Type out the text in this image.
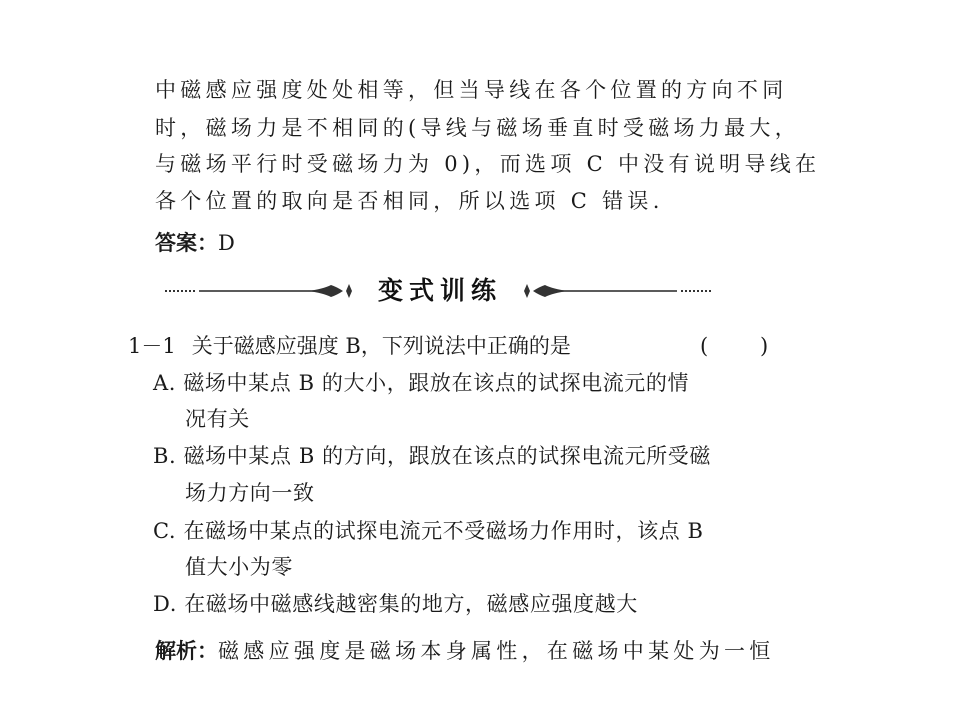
中磁感应强度处处相等，但当导线在各个位置的方向不同
时，磁场力是不相同的(导线与磁场垂直时受磁场力最大，
与磁场平行时受磁场力为 0)，而选项 C 中没有说明导线在
各个位置的取向是否相同，所以选项 C 错误.
答案：D
变式训练
1－1 关于磁感应强度 B，下列说法中正确的是	( )
A. 磁场中某点 B 的大小，跟放在该点的试探电流元的情
况有关
B. 磁场中某点 B 的方向，跟放在该点的试探电流元所受磁
场力方向一致
C. 在磁场中某点的试探电流元不受磁场力作用时，该点 B
值大小为零
D. 在磁场中磁感线越密集的地方，磁感应强度越大
解析：磁感应强度是磁场本身属性，在磁场中某处为一恒
